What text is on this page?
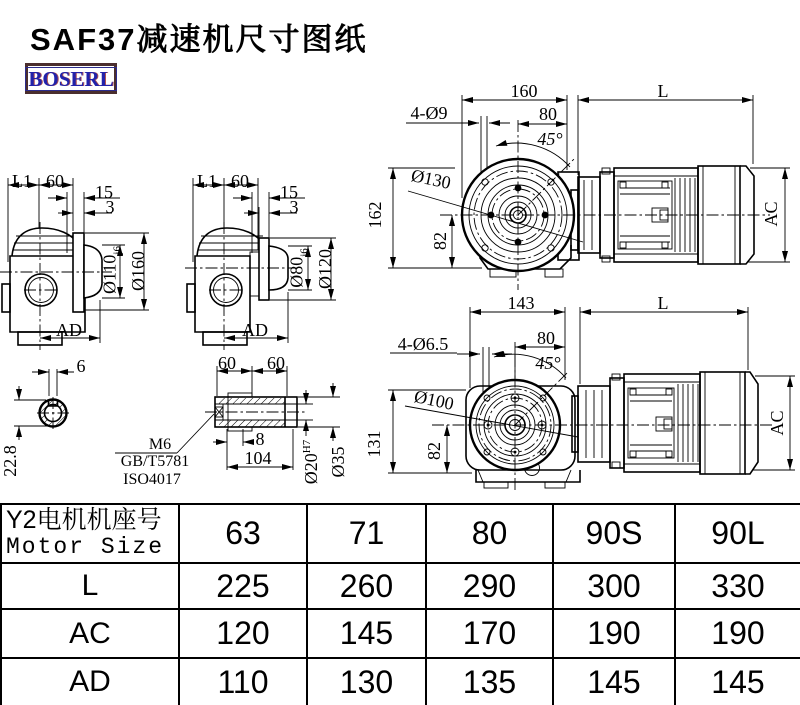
SAF37减速机尺寸图纸
BOSERL
L1 60
15
3
$Ø110_{j6}$
Ø160
AD
L1 60
15
3
$Ø80_{j6}$ Ø120
AD
160	L
4-Ø9	80
45°
Ø130
162
82
AC
143	L
4-Ø6.5	80
45°
Ø100
131 82
AC
6
22.8
60 60
M6
GB/T5781
ISO4017
8
104 $Ø20^{H7}$ Ø35
Y2电机机座号
Motor Size	63	71	80	90S	90L
L	225	260	290	300	330
AC	120	145	170	190	190
AD	110	130	135	145	145
